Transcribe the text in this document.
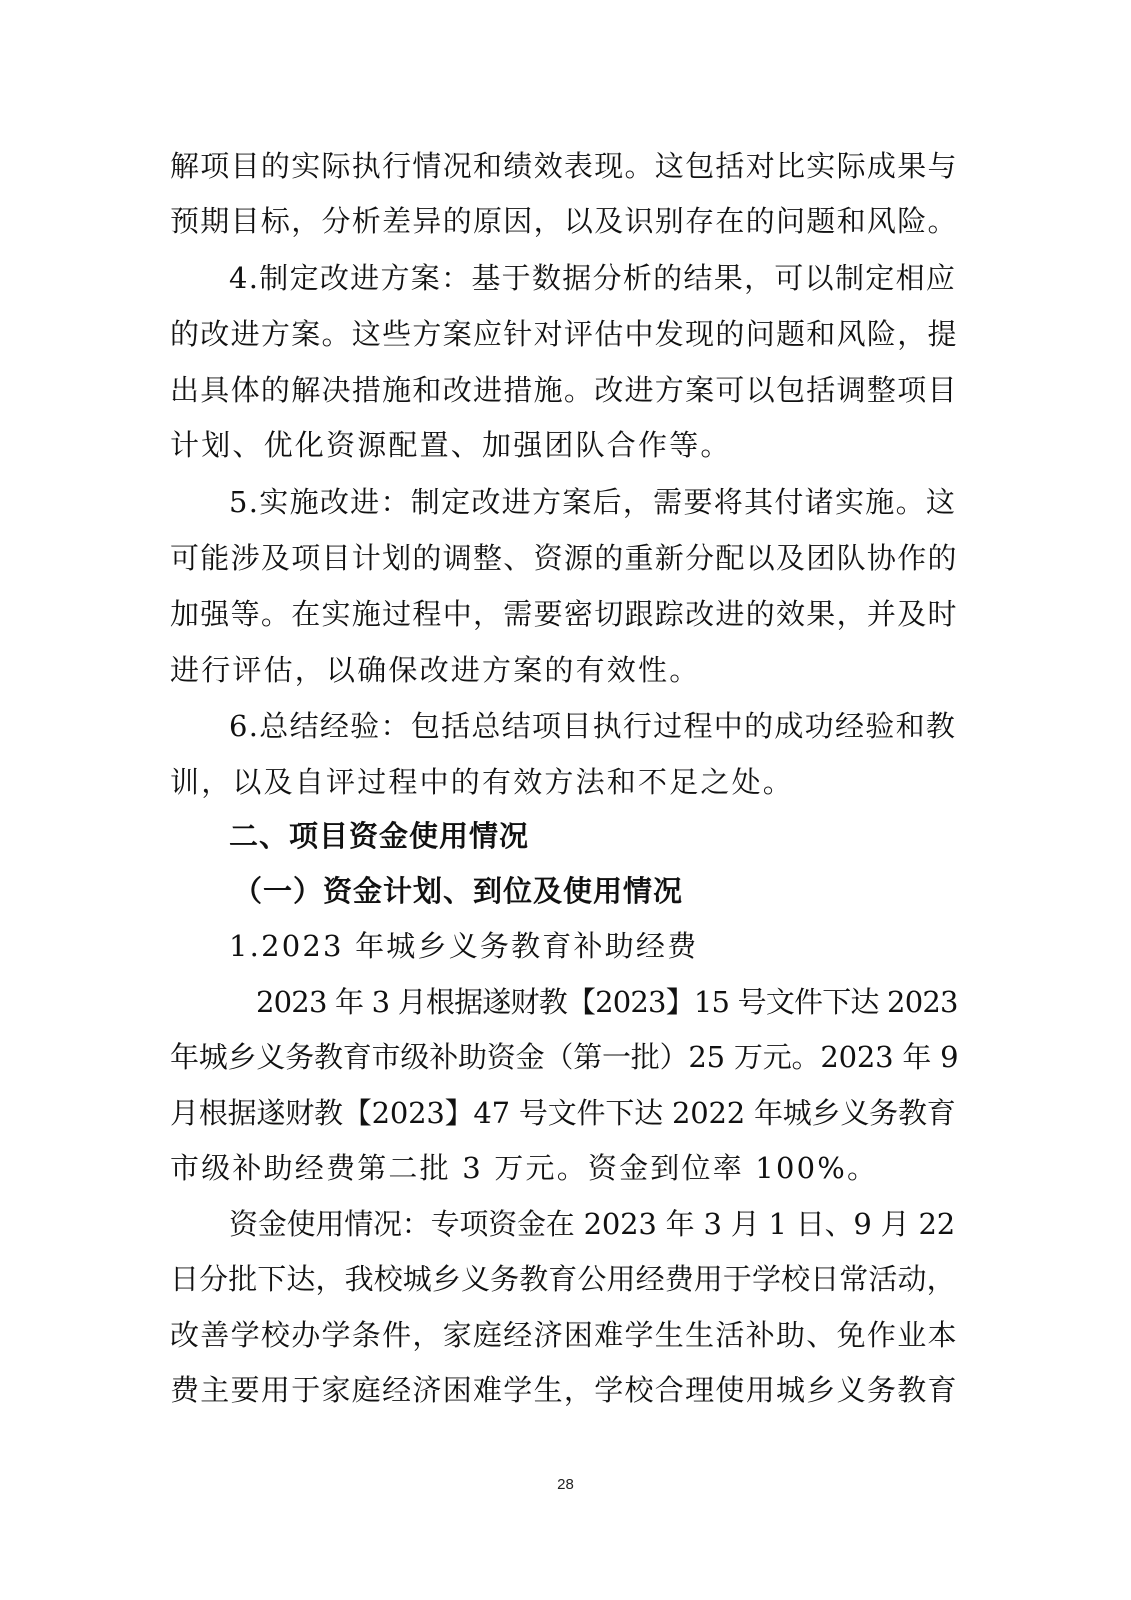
解项目的实际执行情况和绩效表现。这包括对比实际成果与
预期目标，分析差异的原因，以及识别存在的问题和风险。
4.制定改进方案：基于数据分析的结果，可以制定相应
的改进方案。这些方案应针对评估中发现的问题和风险，提
出具体的解决措施和改进措施。改进方案可以包括调整项目
计划、优化资源配置、加强团队合作等。
5.实施改进：制定改进方案后，需要将其付诸实施。这
可能涉及项目计划的调整、资源的重新分配以及团队协作的
加强等。在实施过程中，需要密切跟踪改进的效果，并及时
进行评估，以确保改进方案的有效性。
6.总结经验：包括总结项目执行过程中的成功经验和教
训，以及自评过程中的有效方法和不足之处。
二、项目资金使用情况
（一）资金计划、到位及使用情况
1.2023 年城乡义务教育补助经费
2023 年 3 月根据遂财教【2023】15 号文件下达 2023
年城乡义务教育市级补助资金（第一批）25 万元。2023 年 9
月根据遂财教【2023】47 号文件下达 2022 年城乡义务教育
市级补助经费第二批 3 万元。资金到位率 100%。
资金使用情况：专项资金在 2023 年 3 月 1 日、9 月 22
日分批下达，我校城乡义务教育公用经费用于学校日常活动，
改善学校办学条件，家庭经济困难学生生活补助、免作业本
费主要用于家庭经济困难学生，学校合理使用城乡义务教育
28
